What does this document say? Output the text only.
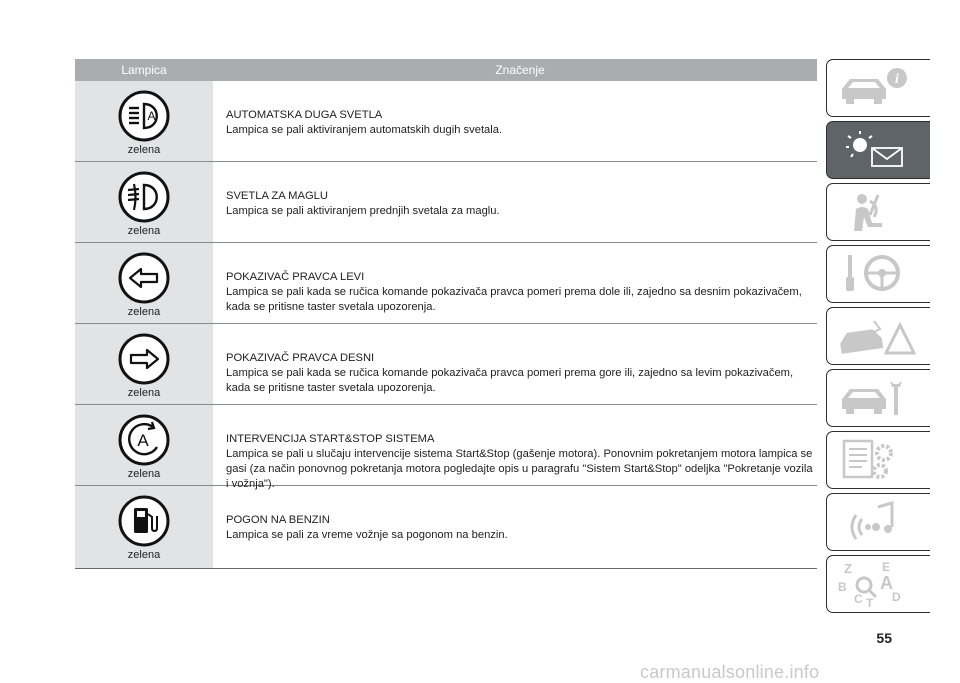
Lampica	Značenje
A
zelena
AUTOMATSKA DUGA SVETLA
Lampica se pali aktiviranjem automatskih dugih svetala.
zelena
SVETLA ZA MAGLU
Lampica se pali aktiviranjem prednjih svetala za maglu.
zelena
POKAZIVAČ PRAVCA LEVI
Lampica se pali kada se ručica komande pokazivača pravca pomeri prema dole ili, zajedno sa desnim pokazivačem, kada se pritisne taster svetala upozorenja.
zelena
POKAZIVAČ PRAVCA DESNI
Lampica se pali kada se ručica komande pokazivača pravca pomeri prema gore ili, zajedno sa levim pokazivačem, kada se pritisne taster svetala upozorenja.
A
zelena
INTERVENCIJA START&STOP SISTEMA
Lampica se pali u slučaju intervencije sistema Start&Stop (gašenje motora). Ponovnim pokretanjem motora lampica se gasi (za način ponovnog pokretanja motora pogledajte opis u paragrafu "Sistem Start&Stop" odeljka "Pokretanje vozila i vožnja").
zelena
POGON NA BENZIN
Lampica se pali za vreme vožnje sa pogonom na benzin.
i
Z	E
A
B
C D
T
55
carmanualsonline.info
